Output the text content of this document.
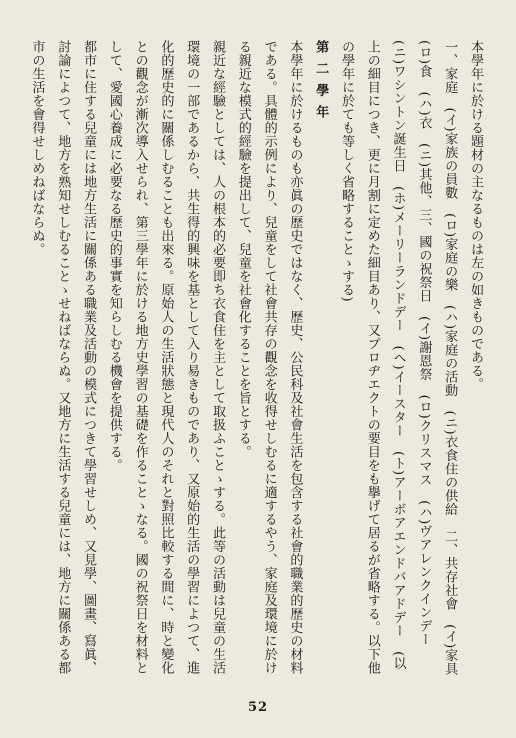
本學年に於ける題材の主なるものは左の如きものである。

一、家庭　(イ)家族の員數　(ロ)家庭の樂　(ハ)家庭の活動　(ニ)衣食住の供給　二、共存社會　(イ)家具　(ロ)食　(ハ)衣　(ニ)其他、三、國の祝祭日　(イ)謝恩祭　(ロ)クリスマス　(ハ)ヴアレンクインデー　(ニ)ワシントン誕生日　(ホ)メーリーランドデー　(ヘ)イースター　(ト)アーボアエンドバアドデー　(以上の細目につき、更に月割に定めた細目あり、又プロヂエクトの要目をも擧げて居るが省略する。以下他の學年に於ても等しく省略することゝする)

第 二 學 年

本學年に於けるものも亦眞の歷史ではなく、歷史、公民科及社會生活を包含する社會的職業的歷史の材料である。具體的示例により、兒童をして社會共存の觀念を收得せしむるに適するやう、家庭及環境に於ける親近な模式的經驗を提出して、兒童を社會化することを旨とする。

親近な經驗としては、人の根本的必要即ち衣食住を主として取扱ふことゝする。此等の活動は兒童の生活環境の一部であるから、共生得的興味を基として入り易きものであり、又原始的生活の學習によつて、進化的歷史的に關係しむることも出來る。原始人の生活狀態と現代人のそれと對照比較する間に、時と變化との觀念が漸次導入せられ、第三學年に於ける地方史學習の基礎を作ることゝなる。國の祝祭日を材料として、愛國心養成に必要なる歷史的事實を知らしむる機會を提供する。

都市に住する兒童には地方生活に關係ある職業及活動の模式につきて學習せしめ、又見學、圖畫、寫眞、討論によつて、地方を熟知せしむることゝせねばならぬ。又地方に生活する兒童には、地方に關係ある都市の生活を會得せしめねばならぬ。

52
